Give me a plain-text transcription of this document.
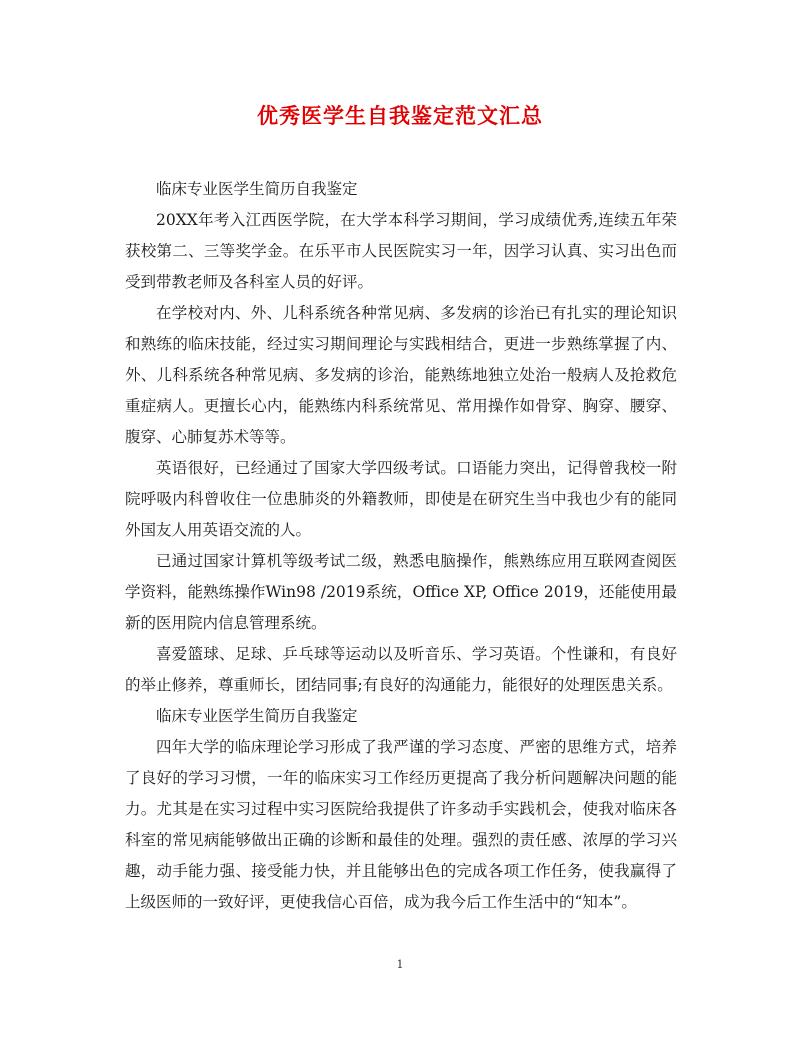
优秀医学生自我鉴定范文汇总

临床专业医学生简历自我鉴定

20XX年考入江西医学院，在大学本科学习期间，学习成绩优秀,连续五年荣获校第二、三等奖学金。在乐平市人民医院实习一年，因学习认真、实习出色而受到带教老师及各科室人员的好评。

在学校对内、外、儿科系统各种常见病、多发病的诊治已有扎实的理论知识和熟练的临床技能，经过实习期间理论与实践相结合，更进一步熟练掌握了内、外、儿科系统各种常见病、多发病的诊治，能熟练地独立处治一般病人及抢救危重症病人。更擅长心内，能熟练内科系统常见、常用操作如骨穿、胸穿、腰穿、腹穿、心肺复苏术等等。

英语很好，已经通过了国家大学四级考试。口语能力突出，记得曾我校一附院呼吸内科曾收住一位患肺炎的外籍教师，即使是在研究生当中我也少有的能同外国友人用英语交流的人。

已通过国家计算机等级考试二级，熟悉电脑操作，熊熟练应用互联网查阅医学资料，能熟练操作Win98 /2019系统，Office XP, Office 2019，还能使用最新的医用院内信息管理系统。

喜爱篮球、足球、乒乓球等运动以及听音乐、学习英语。个性谦和，有良好的举止修养，尊重师长，团结同事;有良好的沟通能力，能很好的处理医患关系。

临床专业医学生简历自我鉴定

四年大学的临床理论学习形成了我严谨的学习态度、严密的思维方式，培养了良好的学习习惯，一年的临床实习工作经历更提高了我分析问题解决问题的能力。尤其是在实习过程中实习医院给我提供了许多动手实践机会，使我对临床各科室的常见病能够做出正确的诊断和最佳的处理。强烈的责任感、浓厚的学习兴趣，动手能力强、接受能力快，并且能够出色的完成各项工作任务，使我赢得了上级医师的一致好评，更使我信心百倍，成为我今后工作生活中的“知本”。

1
